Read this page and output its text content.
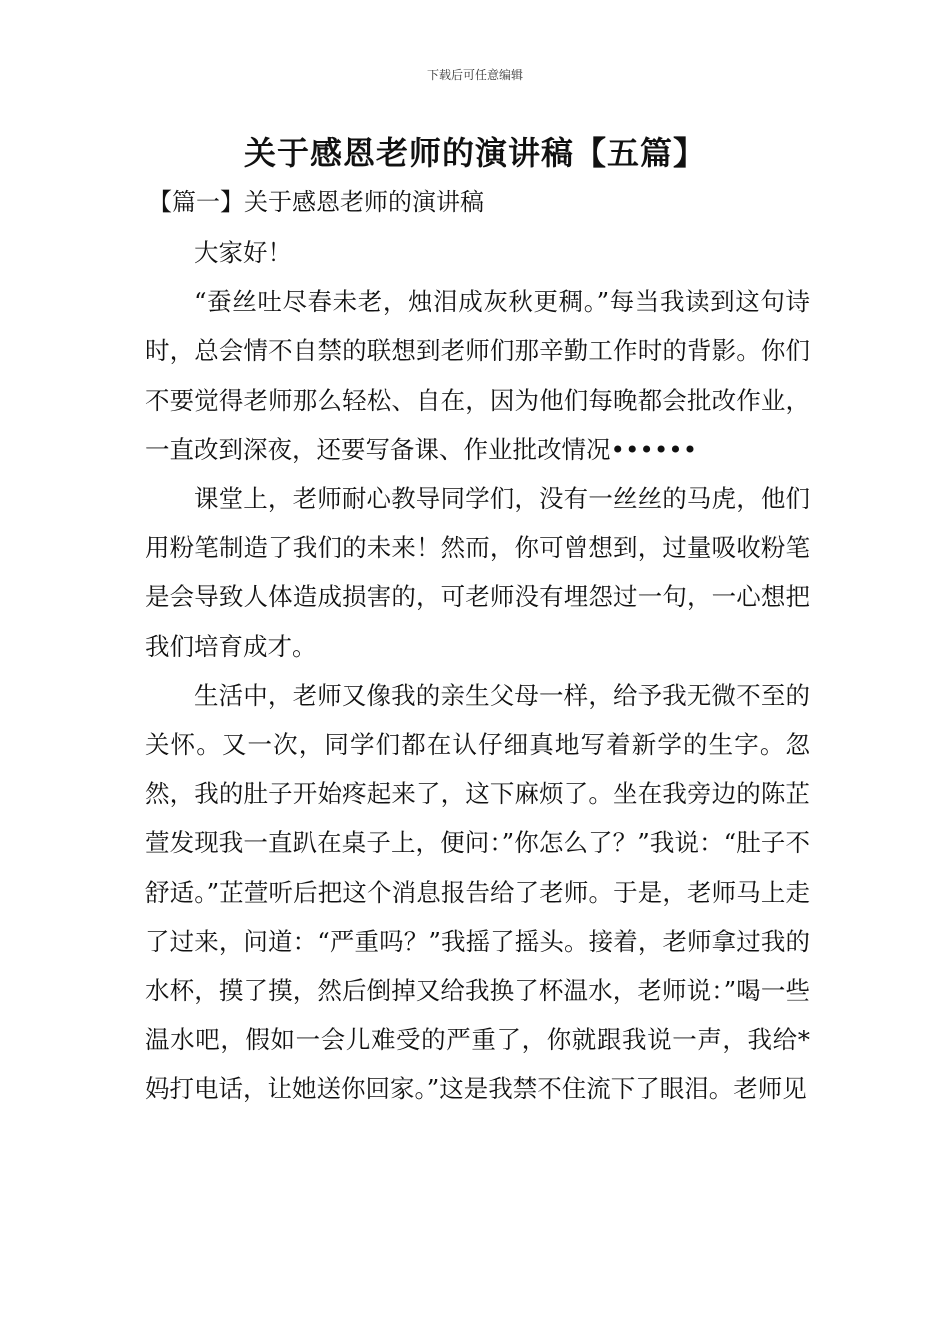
下载后可任意编辑
关于感恩老师的演讲稿【五篇】
【篇一】关于感恩老师的演讲稿

大家好！

“蚕丝吐尽春未老，烛泪成灰秋更稠。”每当我读到这句诗时，总会情不自禁的联想到老师们那辛勤工作时的背影。你们不要觉得老师那么轻松、自在，因为他们每晚都会批改作业，一直改到深夜，还要写备课、作业批改情况••••••

课堂上，老师耐心教导同学们，没有一丝丝的马虎，他们用粉笔制造了我们的未来！然而，你可曾想到，过量吸收粉笔是会导致人体造成损害的，可老师没有埋怨过一句，一心想把我们培育成才。

生活中，老师又像我的亲生父母一样，给予我无微不至的关怀。又一次，同学们都在认仔细真地写着新学的生字。忽然，我的肚子开始疼起来了，这下麻烦了。坐在我旁边的陈芷萱发现我一直趴在桌子上，便问：”你怎么了？”我说：“肚子不舒适。”芷萱听后把这个消息报告给了老师。于是，老师马上走了过来，问道：“严重吗？”我摇了摇头。接着，老师拿过我的水杯，摸了摸，然后倒掉又给我换了杯温水，老师说：”喝一些温水吧，假如一会儿难受的严重了，你就跟我说一声，我给*妈打电话，让她送你回家。”这是我禁不住流下了眼泪。老师见
